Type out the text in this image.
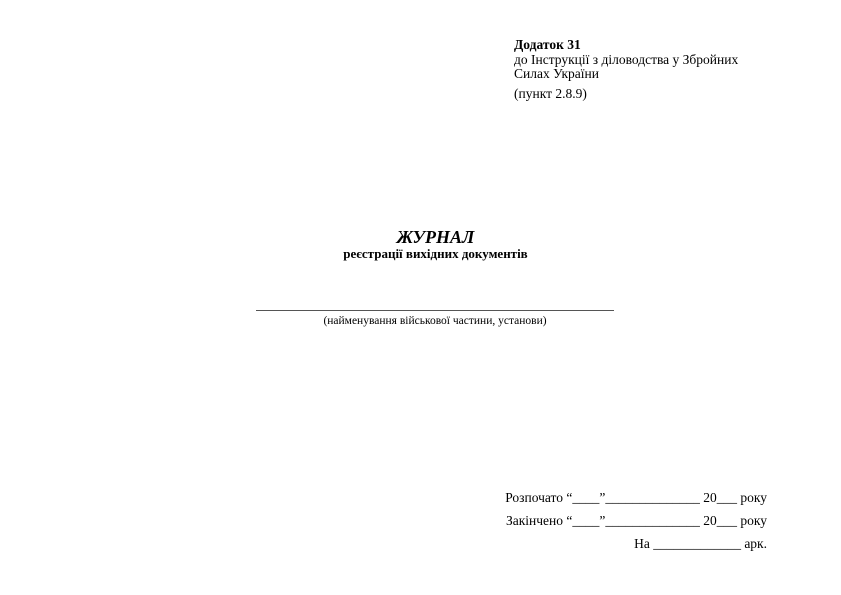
Додаток 31
до Інструкції з діловодства у Збройних Силах України
(пункт 2.8.9)
ЖУРНАЛ
реєстрації вихідних документів
(найменування військової частини, установи)
Розпочато “____”______________ 20___ року
Закінчено “____”______________ 20___ року
На _____________ арк.
